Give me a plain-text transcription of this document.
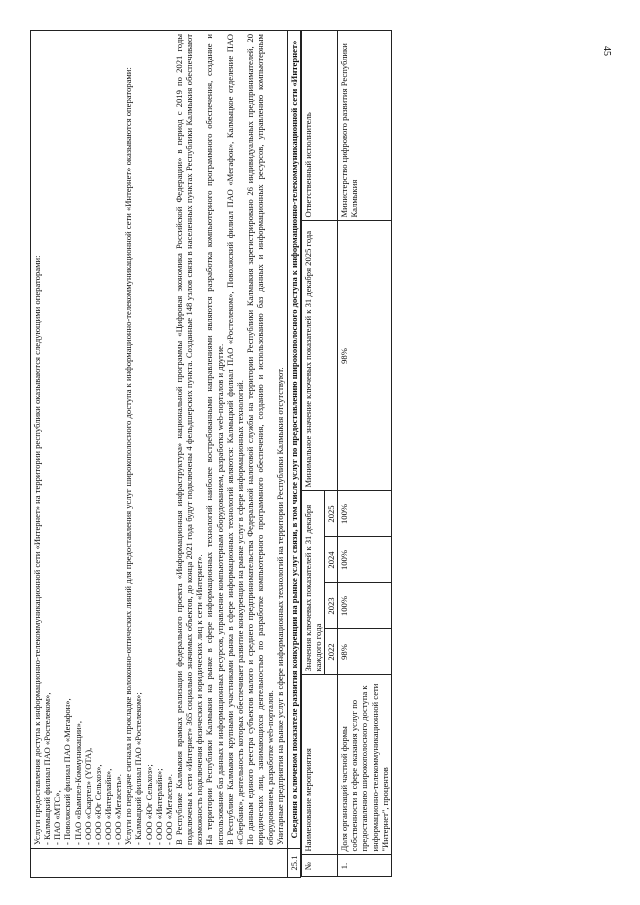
45

Услуги предоставления доступа к информационно-телекоммуникационной сети «Интернет» на территории республики оказываются следующими операторами: - Калмыцкий филиал ПАО «Ростелеком», - ПАО «МТС», - Поволжский филиал ПАО «Мегафон», - ПАО «Вымпел-Коммуникации», - ООО «Скартел» (YOTA), - ООО «Юг Сельхоз», - ООО «Интерлайн», - ООО «Метасеть». Услуги по передаче сигнала и прокладке волоконно-оптических линий для предоставления услуг широкополосного доступа к информационно-телекоммуникационной сети «Интернет» оказываются операторами: - Калмыцкий филиал ПАО «Ростелеком»; - ООО «Юг Сельхоз»; - ООО «Интерлайн»; - ООО «Метасеть». В Республике Калмыкия врамках реализации федерального проекта «Информационная инфраструктура» национальной программы «Цифровая экономика Российской Федерации» в период с 2019 по 2021 годы подключены к сети «Интернет» 365 социально значимых объектов, до конца 2021 года будут подключены 4 фельдшерских пункта. Созданные 148 узлов связи в населенных пунктах Республики Калмыкия обеспечивают возможность подключения физических и юридических лиц к сети «Интернет». На территории Республики Калмыкия на рынке в сфере информационных технологий наиболее востребованными направлениями являются разработка компьютерного программного обеспечения, создание и использование баз данных и информационных ресурсов, управление компьютерным оборудованием, разработка web-порталов и другие. В Республике Калмыкия крупными участниками рынка в сфере информационных технологий являются: Калмыцкий филиал ПАО «Ростелеком», Поволжский филиал ПАО «Мегафон», Калмыцкое отделение ПАО «Сбербанк», деятельность которых обеспечивает развитие конкуренции на рынке услуг в сфере информационных технологий. По данным единого реестра субъектов малого и среднего предпринимательства Федеральной налоговой службы на территории Республики Калмыкия зарегистрировано 26 индивидуальных предпринимателей, 20 юридических лиц, занимающихся деятельностью по разработке компьютерного программного обеспечения, созданию и использованию баз данных и информационных ресурсов, управлению компьютерным оборудованием, разработке web-порталов. Унитарные предприятия на рынке услуг в сфере информационных технологий на территории Республики Калмыкия отсутствуют.

25.1	Сведения о ключевом показателе развития конкуренции на рынке услуг связи, в том числе услуг по предоставлению широкополосного доступа к информационно-телекоммуникационной сети «Интернет»

№	Наименование мероприятия	Значения ключевых показателей к 31 декабря каждого года	Минимальное значение ключевых показателей к 31 декабря 2025 года	Ответственный исполнитель
2022	2023	2024	2025
1.	Доля организаций частной формы собственности в сфере оказания услуг по предоставлению широкополосного доступа к информационно-телекоммуникационной сети "Интернет", процентов	98%	100%	100%	100%	98%	Министерство цифрового развития Республики Калмыкия
